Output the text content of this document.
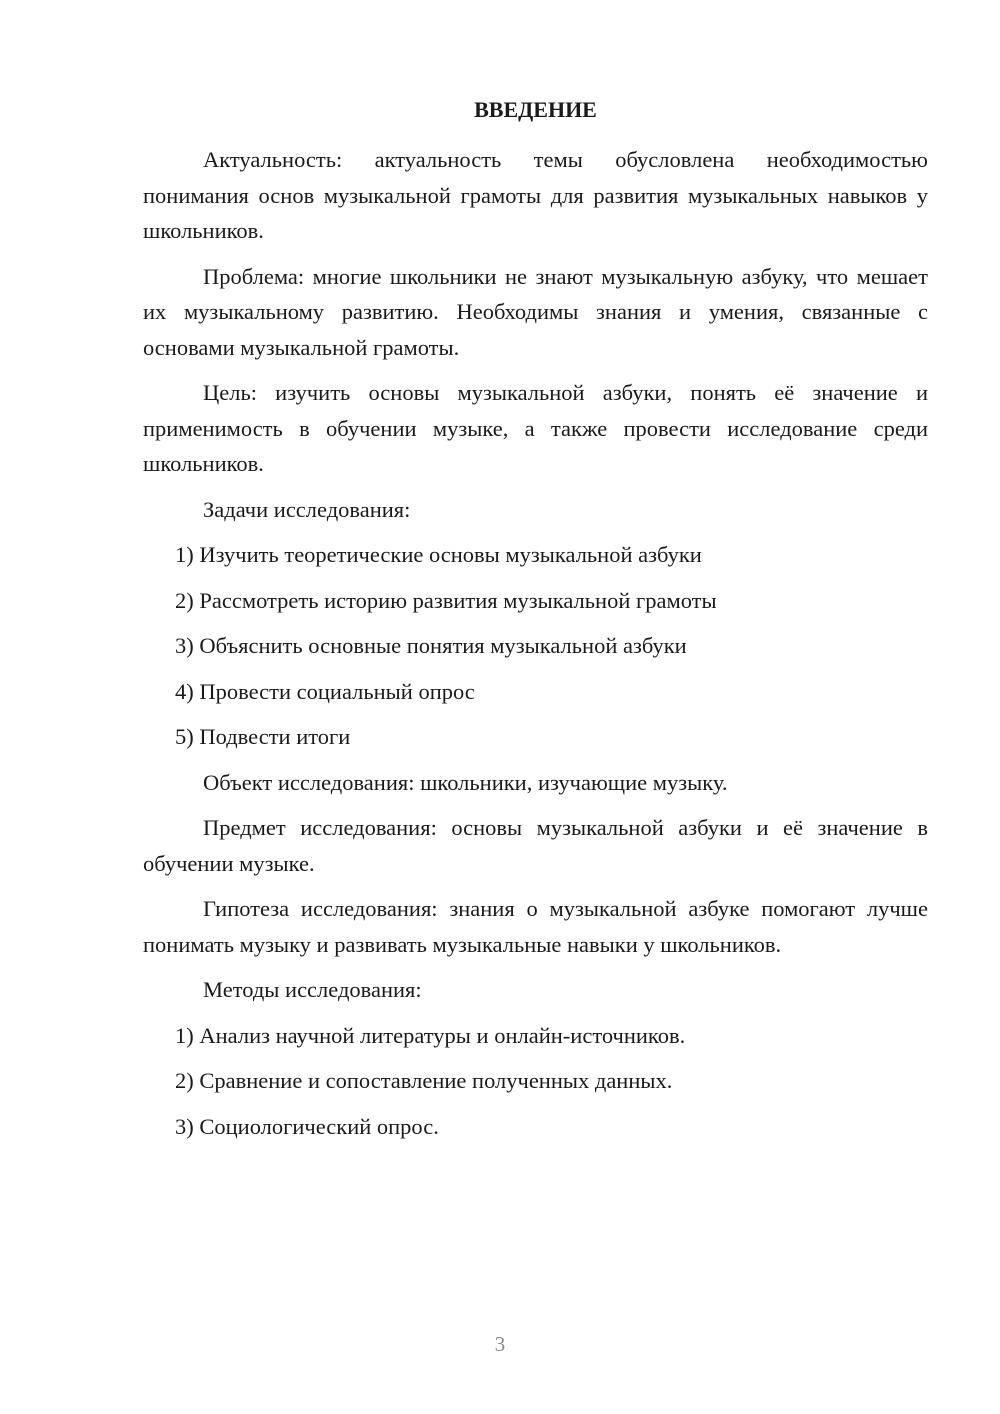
ВВЕДЕНИЕ

Актуальность: актуальность темы обусловлена необходимостью понимания основ музыкальной грамоты для развития музыкальных навыков у школьников.

Проблема: многие школьники не знают музыкальную азбуку, что мешает их музыкальному развитию. Необходимы знания и умения, связанные с основами музыкальной грамоты.

Цель: изучить основы музыкальной азбуки, понять её значение и применимость в обучении музыке, а также провести исследование среди школьников.

Задачи исследования:

1) Изучить теоретические основы музыкальной азбуки
2) Рассмотреть историю развития музыкальной грамоты
3) Объяснить основные понятия музыкальной азбуки
4) Провести социальный опрос
5) Подвести итоги

Объект исследования: школьники, изучающие музыку.

Предмет исследования: основы музыкальной азбуки и её значение в обучении музыке.

Гипотеза исследования: знания о музыкальной азбуке помогают лучше понимать музыку и развивать музыкальные навыки у школьников.

Методы исследования:

1) Анализ научной литературы и онлайн-источников.
2) Сравнение и сопоставление полученных данных.
3) Социологический опрос.
3
